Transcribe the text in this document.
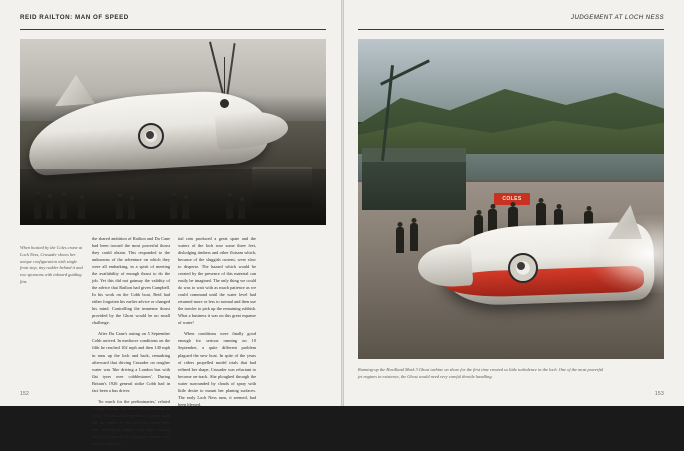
REID RAILTON: MAN OF SPEED
When hoisted by the Coles crane at Loch Ness, Crusader shows her unique configuration with single front step, tiny rudder behind it and two sponsons with inboard guiding fins.

the shared ambition of Railton and Du Cane had been toward the most powerful thrust they could obtain. This responded to the unknowns of the adventure on which they were all embarking, in a spirit of meeting the availability of enough thrust to do the job. Yet this did not gainsay the validity of the advice that Railton had given Campbell. In his work on the Cobb boat, Reid had either forgotten his earlier advice or changed his mind. Controlling the immense thrust provided by the Ghost would be no small challenge.

After Du Cane's outing on 5 September Cobb arrived. In mediocre conditions on the fifth he reached 102 mph and then 140 mph in runs up the loch and back, remarking afterward that driving Crusader on rougher water was 'like driving a London bus with flat tyres over cobblestones'. During Britain's 1926 general strike Cobb had in fact been a bus driver.

'So much for the preliminaries,' related George Eyston, 'but there was a calamity to come. Torrential rain produced a great spate and the waters of the loch rose some three feet, dislodging timbers and other flotsam which, because of the sluggish current, were slow to disperse.'

tial rain produced a great spate and the waters of the loch rose some three feet, dislodging timbers and other flotsam which, because of the sluggish current, were slow to disperse. The hazard which would be created by the presence of this material can easily be imagined. The only thing we could do was to wait with as much patience as we could command until the water level had returned more or less to normal and then use the trawler to pick up the remaining rubbish. What a business it was on this great expanse of water!

When conditions were finally good enough for serious running on 10 September, a quite different problem plagued the new boat. In spite of the years of riders propelled model trials that had refined her shape, Crusader was reluctant to become on-track. She ploughed through the water surrounded by clouds of spray with little desire to mount her planing surfaces. The early Loch Ness runs, it seemed, had been blessed.

152
JUDGEMENT AT LOCH NESS
COLES
Running-up the Havilland Mark 3 Ghost turbine on shore for the first time created so little turbulence in the loch. One of the most powerful jet engines in existence, the Ghost would need very careful throttle handling.
153
